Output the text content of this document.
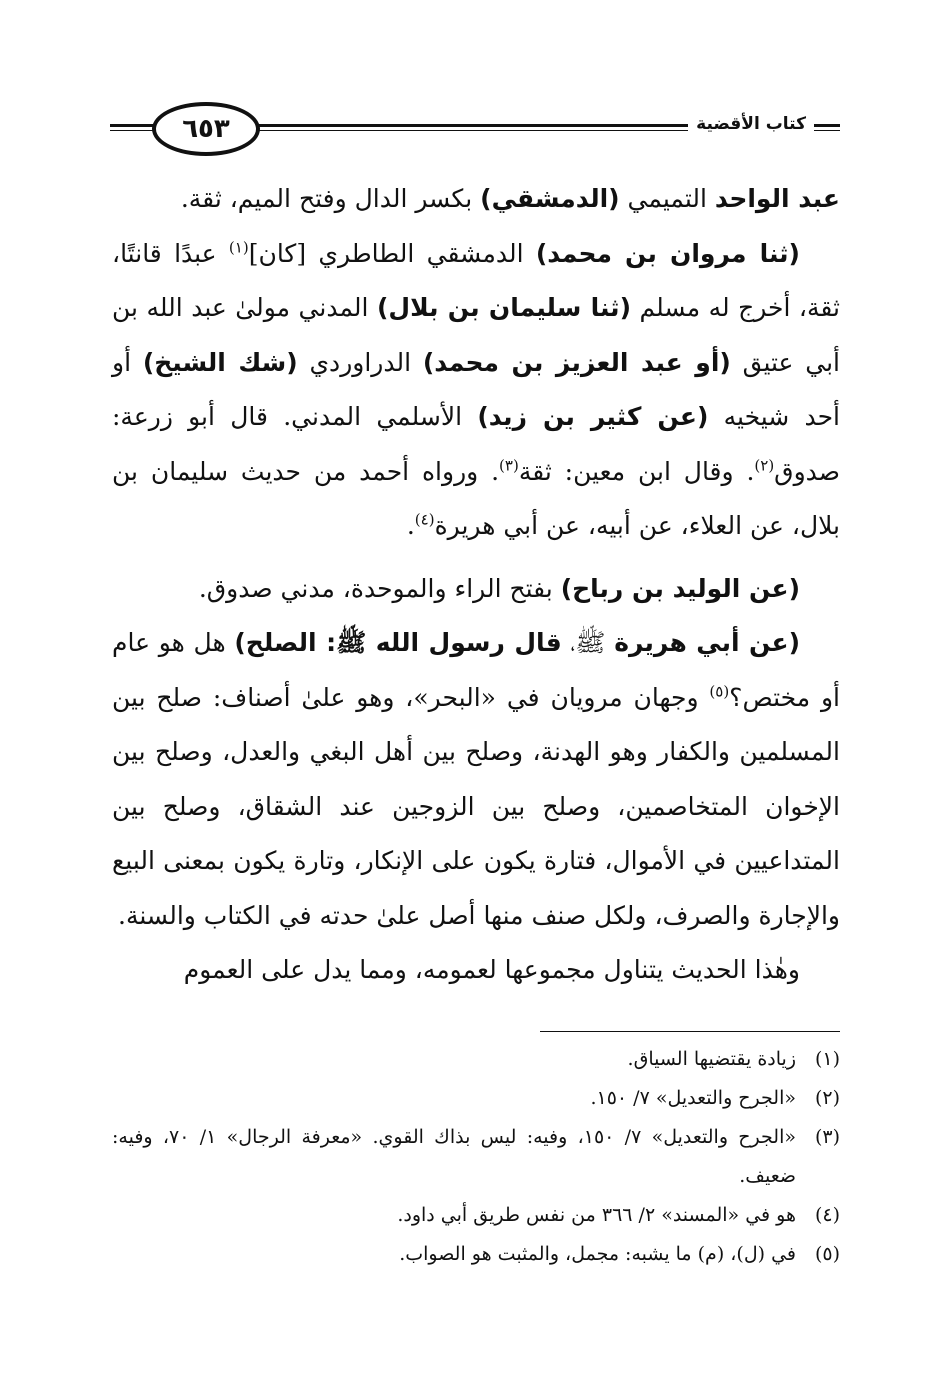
٦٥٣	كتاب الأقضية

عبد الواحد التميمي (الدمشقي) بكسر الدال وفتح الميم، ثقة.

(ثنا مروان بن محمد) الدمشقي الطاطري [كان]$^{(١)}$ عبدًا قانتًا، ثقة، أخرج له مسلم (ثنا سليمان بن بلال) المدني مولىٰ عبد الله بن أبي عتيق (أو عبد العزيز بن محمد) الدراوردي (شك الشيخ) أو أحد شيخيه (عن كثير بن زيد) الأسلمي المدني. قال أبو زرعة: صدوق$^{(٢)}$. وقال ابن معين: ثقة$^{(٣)}$. ورواه أحمد من حديث سليمان بن بلال، عن العلاء، عن أبيه، عن أبي هريرة$^{(٤)}$.

(عن الوليد بن رباح) بفتح الراء والموحدة، مدني صدوق.

(عن أبي هريرة ﷺ، قال رسول الله ﷺ: الصلح) هل هو عام أو مختص؟$^{(٥)}$ وجهان مرويان في «البحر»، وهو علىٰ أصناف: صلح بين المسلمين والكفار وهو الهدنة، وصلح بين أهل البغي والعدل، وصلح بين الإخوان المتخاصمين، وصلح بين الزوجين عند الشقاق، وصلح بين المتداعيين في الأموال، فتارة يكون على الإنكار، وتارة يكون بمعنى البيع والإجارة والصرف، ولكل صنف منها أصل علىٰ حدته في الكتاب والسنة.

وهٰذا الحديث يتناول مجموعها لعمومه، ومما يدل على العموم

(١)
زيادة يقتضيها السياق.
(٢)
«الجرح والتعديل» ٧/ ١٥٠.
(٣)
«الجرح والتعديل» ٧/ ١٥٠، وفيه: ليس بذاك القوي. «معرفة الرجال» ١/ ٧٠، وفيه: ضعيف.
(٤)
هو في «المسند» ٢/ ٣٦٦ من نفس طريق أبي داود.
(٥)
في (ل)، (م) ما يشبه: مجمل، والمثبت هو الصواب.
